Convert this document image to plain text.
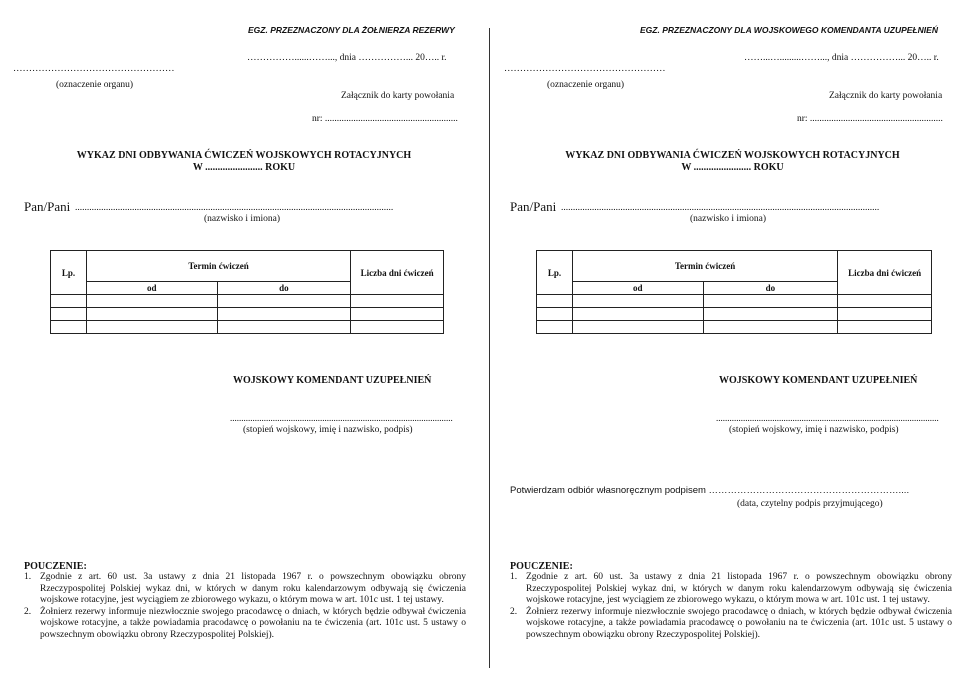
EGZ. PRZEZNACZONY DLA ŻOŁNIERZA REZERWY
……………......……..., dnia ……………... 20….. r.
……………………………………………
(oznaczenie organu)
Załącznik do karty powołania
nr: ........................................................
WYKAZ DNI ODBYWANIA ĆWICZEŃ WOJSKOWYCH ROTACYJNYCH
W ....................... ROKU
Pan/Pani ......................................................................................................................................
(nazwisko i imiona)
Lp.	Termin ćwiczeń		Liczba dni ćwiczeń
	od	do	

WOJSKOWY KOMENDANT UZUPEŁNIEŃ
...................................................................................................
(stopień wojskowy, imię i nazwisko, podpis)
POUCZENIE:
1. Zgodnie z art. 60 ust. 3a ustawy z dnia 21 listopada 1967 r. o powszechnym obowiązku obrony Rzeczypospolitej Polskiej wykaz dni, w których w danym roku kalendarzowym odbywają się ćwiczenia wojskowe rotacyjne, jest wyciągiem ze zbiorowego wykazu, o którym mowa w art. 101c ust. 1 tej ustawy.
2. Żołnierz rezerwy informuje niezwłocznie swojego pracodawcę o dniach, w których będzie odbywał ćwiczenia wojskowe rotacyjne, a także powiadamia pracodawcę o powołaniu na te ćwiczenia (art. 101c ust. 5 ustawy o powszechnym obowiązku obrony Rzeczypospolitej Polskiej).
EGZ. PRZEZNACZONY DLA WOJSKOWEGO KOMENDANTA UZUPEŁNIEŃ
……...….........……..., dnia ……………... 20….. r.
……………………………………………
(oznaczenie organu)
Załącznik do karty powołania
nr: ........................................................
WYKAZ DNI ODBYWANIA ĆWICZEŃ WOJSKOWYCH ROTACYJNYCH
W ....................... ROKU
Pan/Pani ......................................................................................................................................
(nazwisko i imiona)
Lp.	Termin ćwiczeń		Liczba dni ćwiczeń
	od	do	

WOJSKOWY KOMENDANT UZUPEŁNIEŃ
...................................................................................................
(stopień wojskowy, imię i nazwisko, podpis)
Potwierdzam odbiór własnoręcznym podpisem ……………………………………………………....
(data, czytelny podpis przyjmującego)
POUCZENIE:
1. Zgodnie z art. 60 ust. 3a ustawy z dnia 21 listopada 1967 r. o powszechnym obowiązku obrony Rzeczypospolitej Polskiej wykaz dni, w których w danym roku kalendarzowym odbywają się ćwiczenia wojskowe rotacyjne, jest wyciągiem ze zbiorowego wykazu, o którym mowa w art. 101c ust. 1 tej ustawy.
2. Żołnierz rezerwy informuje niezwłocznie swojego pracodawcę o dniach, w których będzie odbywał ćwiczenia wojskowe rotacyjne, a także powiadamia pracodawcę o powołaniu na te ćwiczenia (art. 101c ust. 5 ustawy o powszechnym obowiązku obrony Rzeczypospolitej Polskiej).
